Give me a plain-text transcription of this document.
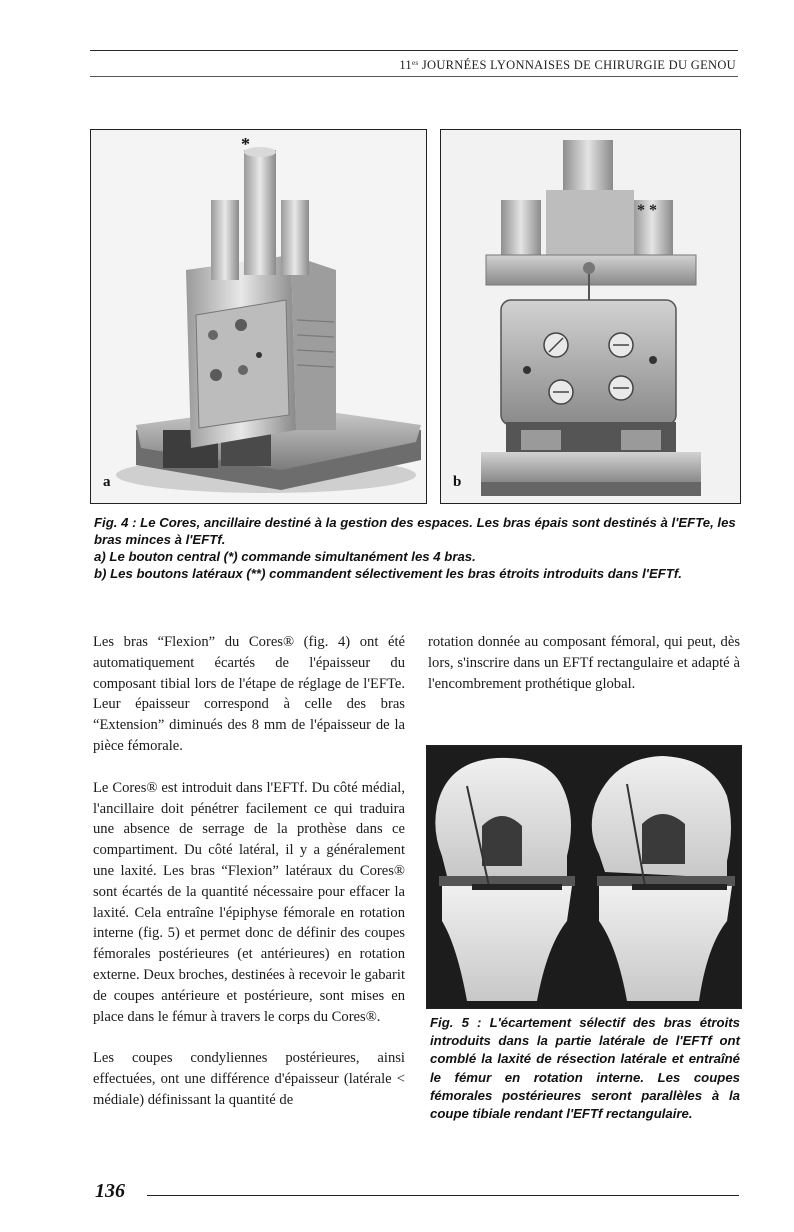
$11^{es}$ JOURNÉES LYONNAISES DE CHIRURGIE DU GENOU
a
*
b
* *

Fig. 4 : Le Cores, ancillaire destiné à la gestion des espaces. Les bras épais sont destinés à l'EFTe, les bras minces à l'EFTf.

a) Le bouton central (*) commande simultanément les 4 bras.

b) Les boutons latéraux (**) commandent sélectivement les bras étroits introduits dans l'EFTf.

Les bras “Flexion” du Cores® (fig. 4) ont été automatiquement écartés de l'épaisseur du composant tibial lors de l'étape de réglage de l'EFTe. Leur épaisseur correspond à celle des bras “Extension” diminués des 8 mm de l'épaisseur de la pièce fémorale.

Le Cores® est introduit dans l'EFTf. Du côté médial, l'ancillaire doit pénétrer facilement ce qui traduira une absence de serrage de la prothèse dans ce compartiment. Du côté latéral, il y a généralement une laxité. Les bras “Flexion” latéraux du Cores® sont écartés de la quantité nécessaire pour effacer la laxité. Cela entraîne l'épiphyse fémorale en rotation interne (fig. 5) et permet donc de définir des coupes fémorales postérieures (et antérieures) en rotation externe. Deux broches, destinées à recevoir le gabarit de coupes antérieure et postérieure, sont mises en place dans le fémur à travers le corps du Cores®.

Les coupes condyliennes postérieures, ainsi effectuées, ont une différence d'épaisseur (latérale < médiale) définissant la quantité de

rotation donnée au composant fémoral, qui peut, dès lors, s'inscrire dans un EFTf rectangulaire et adapté à l'encombrement prothétique global.

Fig. 5 : L'écartement sélectif des bras étroits introduits dans la partie latérale de l'EFTf ont comblé la laxité de résection latérale et entraîné le fémur en rotation interne. Les coupes fémorales postérieures seront parallèles à la coupe tibiale rendant l'EFTf rectangulaire.
136
